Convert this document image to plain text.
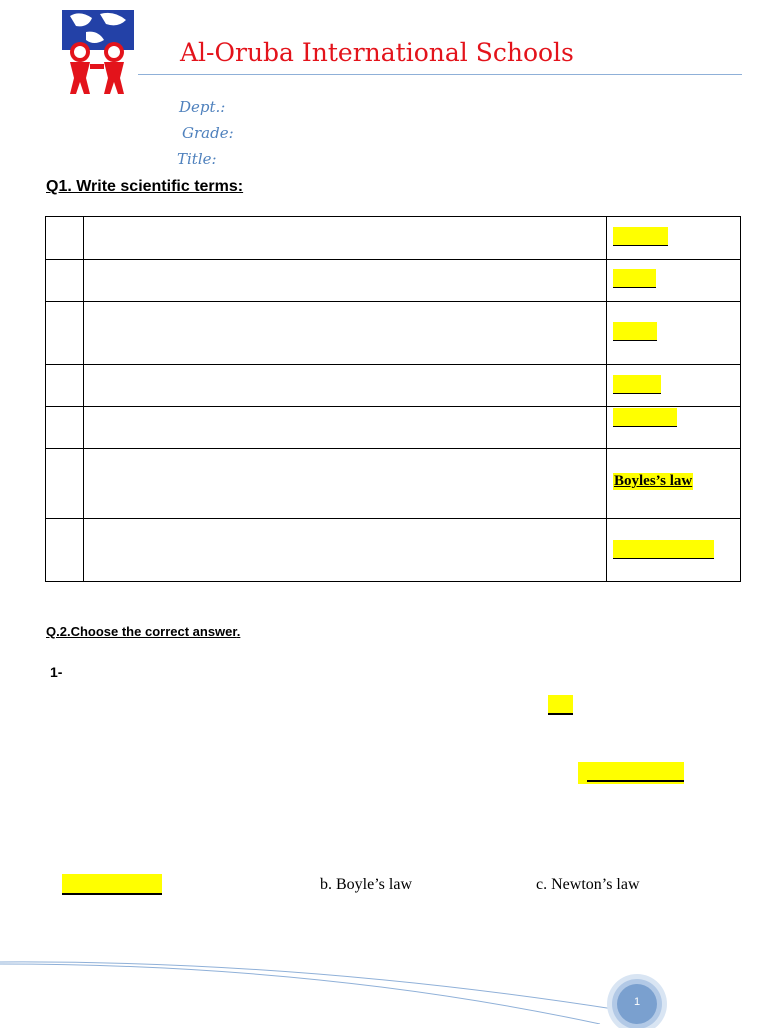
Al-Oruba International Schools
Dept.:
Grade:
Title:
Q1. Write scientific terms:

		Boyles’s law

Q.2.Choose the correct answer.
1-
b. Boyle’s law	c. Newton’s law
1
